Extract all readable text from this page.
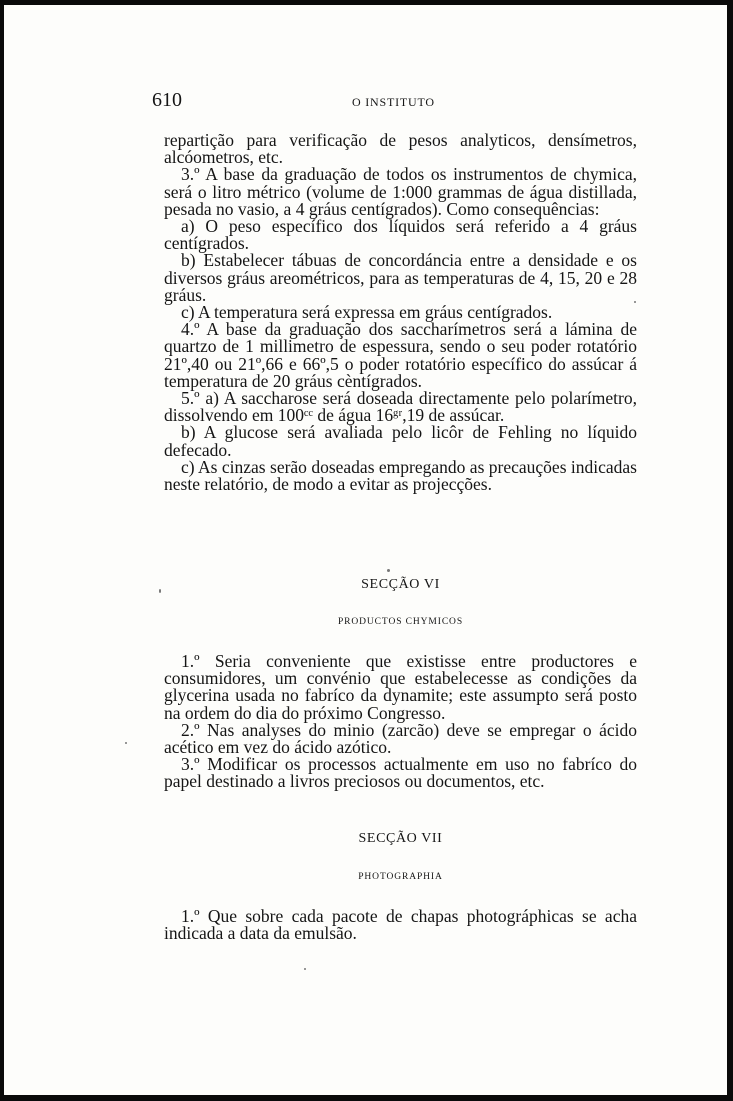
610	O INSTITUTO

repartição para verificação de pesos analyticos, densímetros, alcóometros, etc.

3.º A base da graduação de todos os instrumentos de chymica, será o litro métrico (volume de 1:000 grammas de água distillada, pesada no vasio, a 4 gráus centígrados). Como consequências:

a) O peso específico dos líquidos será referido a 4 gráus centígrados.

b) Estabelecer tábuas de concordáncia entre a densidade e os diversos gráus areométricos, para as temperaturas de 4, 15, 20 e 28 gráus.

c) A temperatura será expressa em gráus centígrados.

4.º A base da graduação dos saccharímetros será a lámina de quartzo de 1 millimetro de espessura, sendo o seu poder rotatório 21º,40 ou 21º,66 e 66º,5 o poder rotatório específico do assúcar á temperatura de 20 gráus cèntígrados.

5.º a) A saccharose será doseada directamente pelo polarímetro, dissolvendo em 100ᶜᶜ de água 16ᵍʳ,19 de assúcar.

b) A glucose será avaliada pelo licôr de Fehling no líquido defecado.

c) As cinzas serão doseadas empregando as precauções indicadas neste relatório, de modo a evitar as projecções.

SECÇÃO VI
PRODUCTOS CHYMICOS

1.º Seria conveniente que existisse entre productores e consumidores, um convénio que estabelecesse as condições da glycerina usada no fabríco da dynamite; este assumpto será posto na ordem do dia do próximo Congresso.

2.º Nas analyses do minio (zarcão) deve se empregar o ácido acético em vez do ácido azótico.

3.º Modificar os processos actualmente em uso no fabríco do papel destinado a livros preciosos ou documentos, etc.

SECÇÃO VII
PHOTOGRAPHIA

1.º Que sobre cada pacote de chapas photográphicas se acha indicada a data da emulsão.
